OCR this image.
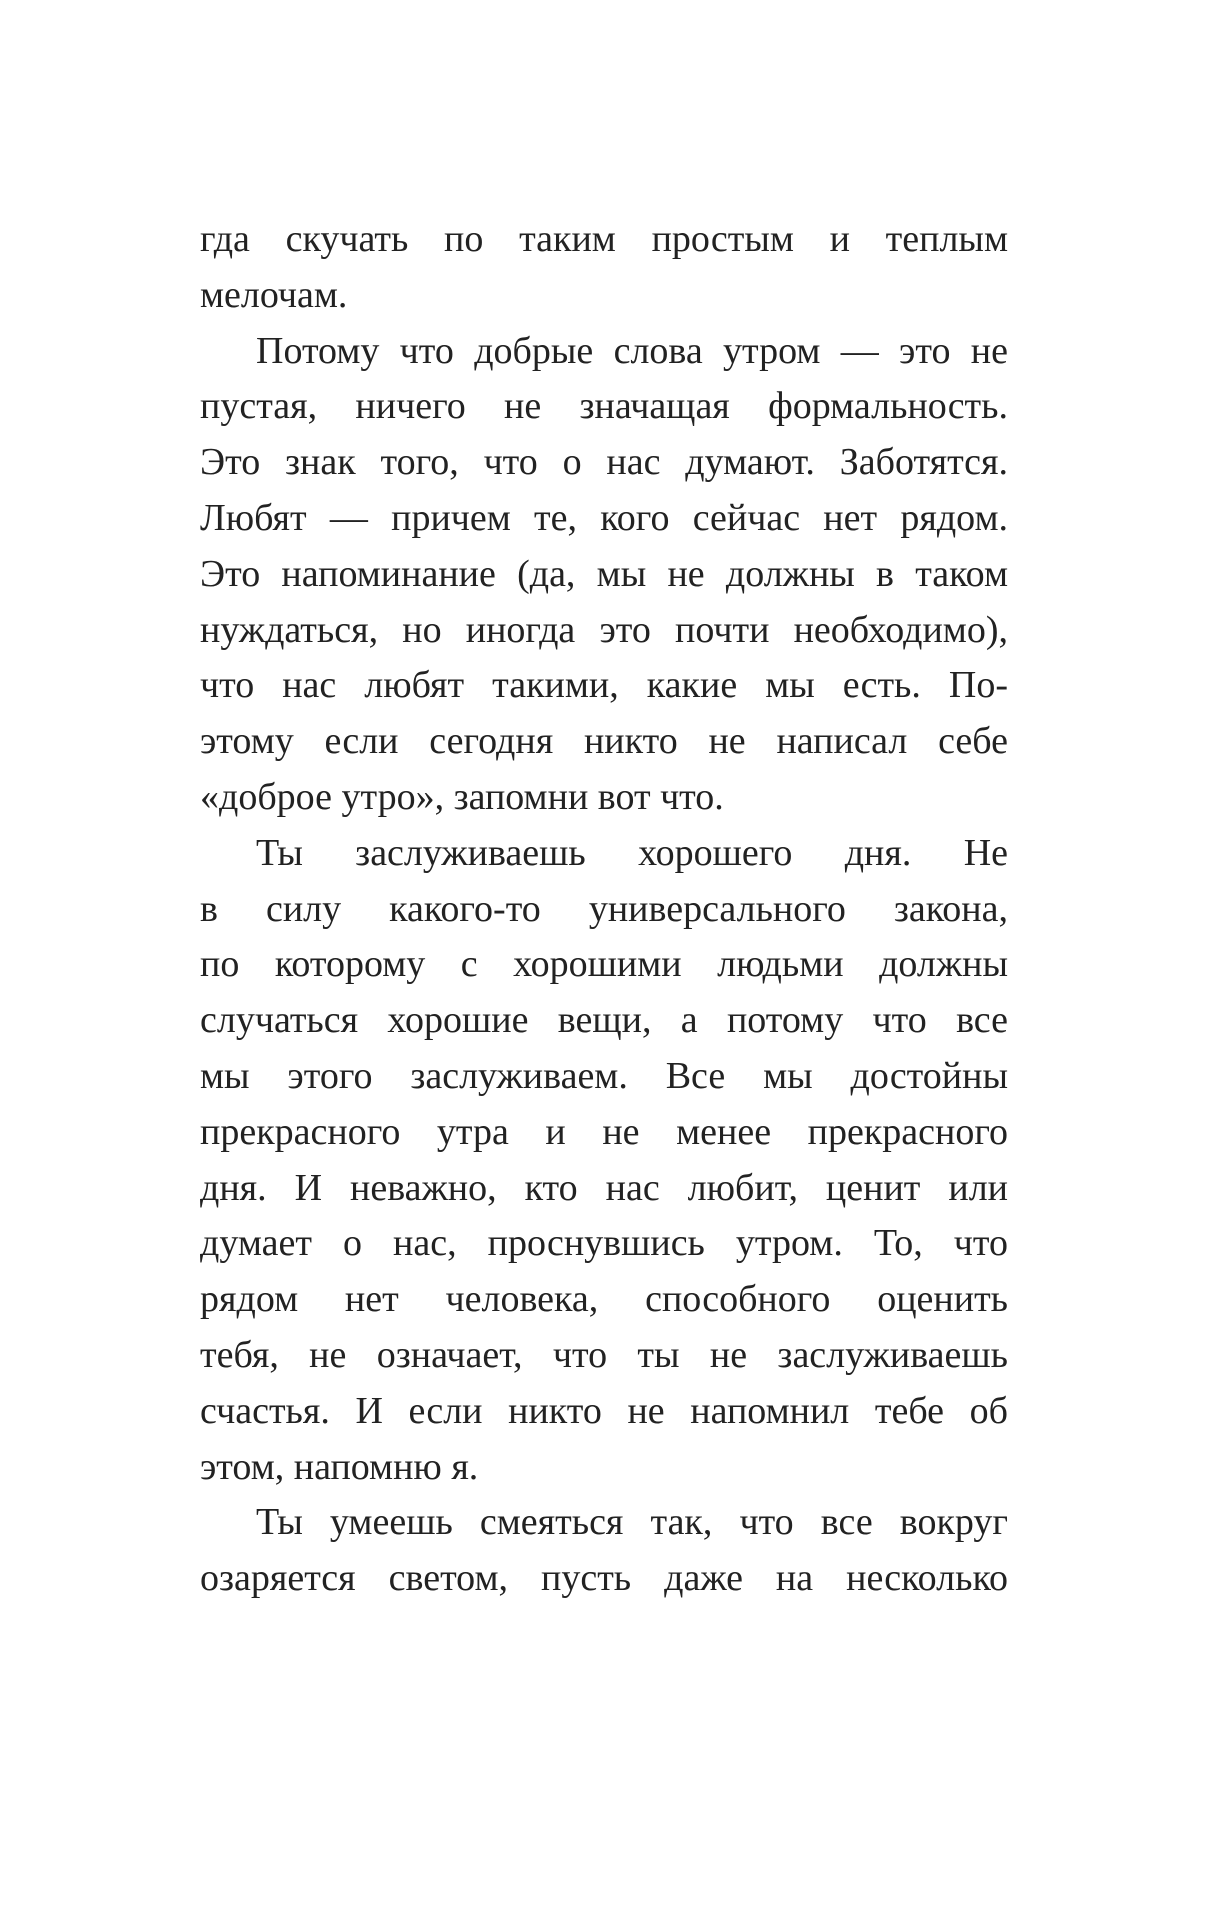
гда скучать по таким простым и теплым
мелочам.
Потому что добрые слова утром — это не
пустая, ничего не значащая формальность.
Это знак того, что о нас думают. Заботятся.
Любят — причем те, кого сейчас нет рядом.
Это напоминание (да, мы не должны в таком
нуждаться, но иногда это почти необходимо),
что нас любят такими, какие мы есть. По-
этому если сегодня никто не написал себе
«доброе утро», запомни вот что.
Ты заслуживаешь хорошего дня. Не
в силу какого-то универсального закона,
по которому с хорошими людьми должны
случаться хорошие вещи, а потому что все
мы этого заслуживаем. Все мы достойны
прекрасного утра и не менее прекрасного
дня. И неважно, кто нас любит, ценит или
думает о нас, проснувшись утром. То, что
рядом нет человека, способного оценить
тебя, не означает, что ты не заслуживаешь
счастья. И если никто не напомнил тебе об
этом, напомню я.
Ты умеешь смеяться так, что все вокруг
озаряется светом, пусть даже на несколько
